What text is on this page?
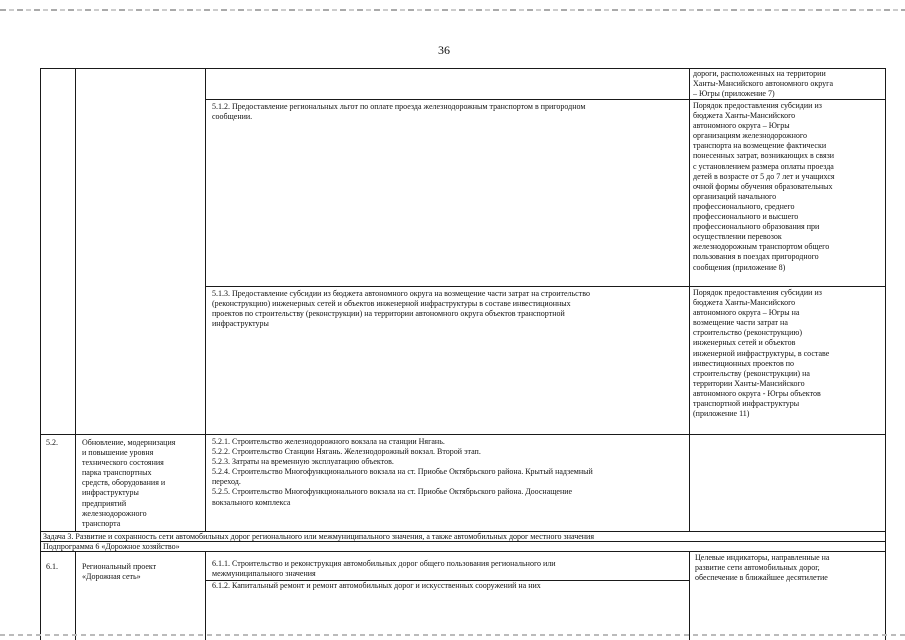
36
дороги, расположенных на территории
Ханты-Мансийского автономного округа
– Югры (приложение 7)
5.1.2. Предоставление региональных льгот по оплате проезда железнодорожным транспортом в пригородном
сообщении.
Порядок предоставления субсидии из
бюджета Ханты-Мансийского
автономного округа – Югры
организациям железнодорожного
транспорта на возмещение фактически
понесенных затрат, возникающих в связи
с установлением размера оплаты проезда
детей в возрасте от 5 до 7 лет и учащихся
очной формы обучения образовательных
организаций начального
профессионального, среднего
профессионального и высшего
профессионального образования при
осуществлении перевозок
железнодорожным транспортом общего
пользования в поездах пригородного
сообщения (приложение 8)
5.1.3. Предоставление субсидии из бюджета автономного округа на возмещение части затрат на строительство
(реконструкцию) инженерных сетей и объектов инженерной инфраструктуры в составе инвестиционных
проектов по строительству (реконструкции) на территории автономного округа объектов транспортной
инфраструктуры
Порядок предоставления субсидии из
бюджета Ханты-Мансийского
автономного округа – Югры на
возмещение части затрат на
строительство (реконструкцию)
инженерных сетей и объектов
инженерной инфраструктуры, в составе
инвестиционных проектов по
строительству (реконструкции) на
территории Ханты-Мансийского
автономного округа - Югры объектов
транспортной инфраструктуры
(приложение 11)
5.2.	Обновление, модернизация
и повышение уровня
технического состояния
парка транспортных
средств, оборудования и
инфраструктуры
предприятий
железнодорожного
транспорта
5.2.1. Строительство железнодорожного вокзала на станции Нягань.
5.2.2. Строительство Станции Нягань. Железнодорожный вокзал. Второй этап.
5.2.3. Затраты на временную эксплуатацию объектов.
5.2.4. Строительство Многофункционального вокзала на ст. Приобье Октябрьского района. Крытый надземный
переход.
5.2.5. Строительство Многофункционального вокзала на ст. Приобье Октябрьского района. Дооснащение
вокзального комплекса
Задача 3. Развитие и сохранность сети автомобильных дорог регионального или межмуниципального значения, а также автомобильных дорог местного значения
Подпрограмма 6 «Дорожное хозяйство»
6.1.	Региональный проект
«Дорожная сеть»
6.1.1. Строительство и реконструкция автомобильных дорог общего пользования регионального или
межмуниципального значения
6.1.2. Капитальный ремонт и ремонт автомобильных дорог и искусственных сооружений на них
Целевые индикаторы, направленные на
развитие сети автомобильных дорог,
обеспечение в ближайшее десятилетие
